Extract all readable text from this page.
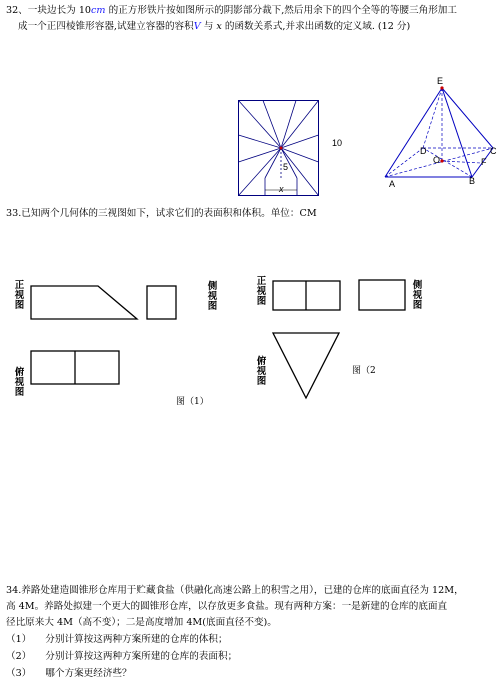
32、一块边长为 10cm 的正方形铁片按如图所示的阴影部分裁下,然后用余下的四个全等的等腰三角形加工
成一个正四棱锥形容器,试建立容器的容积V 与 x 的函数关系式,并求出函数的定义域. (12 分)
10
5
x
E
A	B
C
D
F
O
33.已知两个几何体的三视图如下，试求它们的表面积和体积。单位：CM
正视图
侧视图
俯视图
图（1）
正视图
侧视图
俯视图
图（2
34.养路处建造圆锥形仓库用于贮藏食盐（供融化高速公路上的积雪之用），已建的仓库的底面直径为 12M，
高 4M。养路处拟建一个更大的圆锥形仓库，以存放更多食盐。现有两种方案：一是新建的仓库的底面直
径比原来大 4M（高不变）；二是高度增加 4M(底面直径不变)。
（1） 分别计算按这两种方案所建的仓库的体积；
（2） 分别计算按这两种方案所建的仓库的表面积；
（3） 哪个方案更经济些？
